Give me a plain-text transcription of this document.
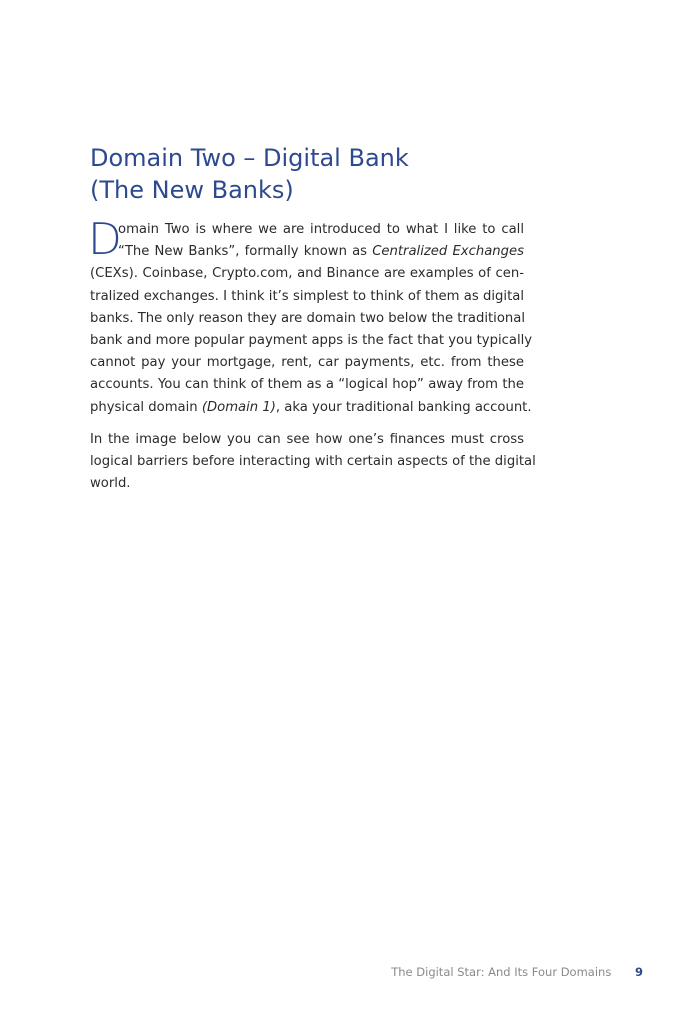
Domain Two – Digital Bank
(The New Banks)
D

omain Two is where we are introduced to what I like to call
“The New Banks”, formally known as Centralized Exchanges
(CEXs). Coinbase, Crypto.com, and Binance are examples of cen-
tralized exchanges. I think it’s simplest to think of them as digital
banks. The only reason they are domain two below the traditional
bank and more popular payment apps is the fact that you typically
cannot pay your mortgage, rent, car payments, etc. from these
accounts. You can think of them as a “logical hop” away from the
physical domain (Domain 1), aka your traditional banking account.

In the image below you can see how one’s finances must cross
logical barriers before interacting with certain aspects of the digital
world.

The Digital Star: And Its Four Domains 9
